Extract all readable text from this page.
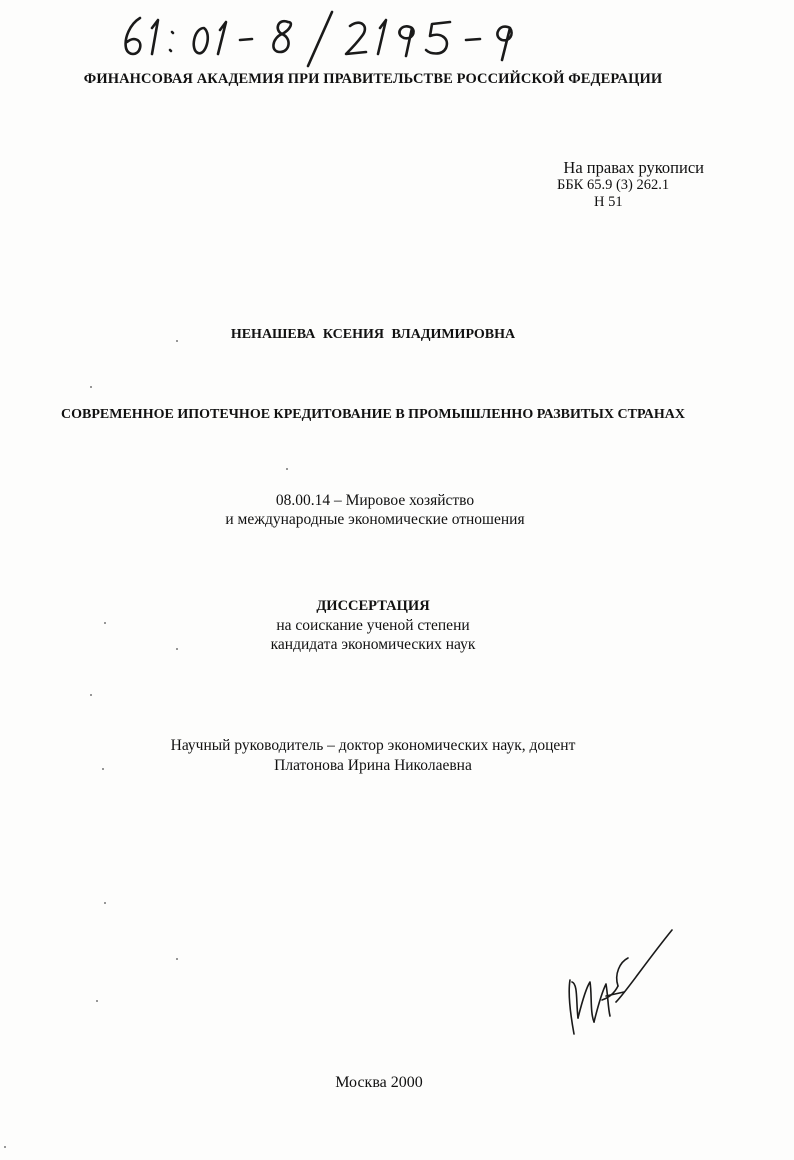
ФИНАНСОВАЯ АКАДЕМИЯ ПРИ ПРАВИТЕЛЬСТВЕ РОССИЙСКОЙ ФЕДЕРАЦИИ
На правах рукописи
ББК 65.9 (3) 262.1
Н 51
НЕНАШЕВА КСЕНИЯ ВЛАДИМИРОВНА
СОВРЕМЕННОЕ ИПОТЕЧНОЕ КРЕДИТОВАНИЕ В ПРОМЫШЛЕННО РАЗВИТЫХ СТРАНАХ
08.00.14 – Мировое хозяйство
и международные экономические отношения
ДИССЕРТАЦИЯ
на соискание ученой степени
кандидата экономических наук
Научный руководитель – доктор экономических наук, доцент
Платонова Ирина Николаевна
Москва 2000
